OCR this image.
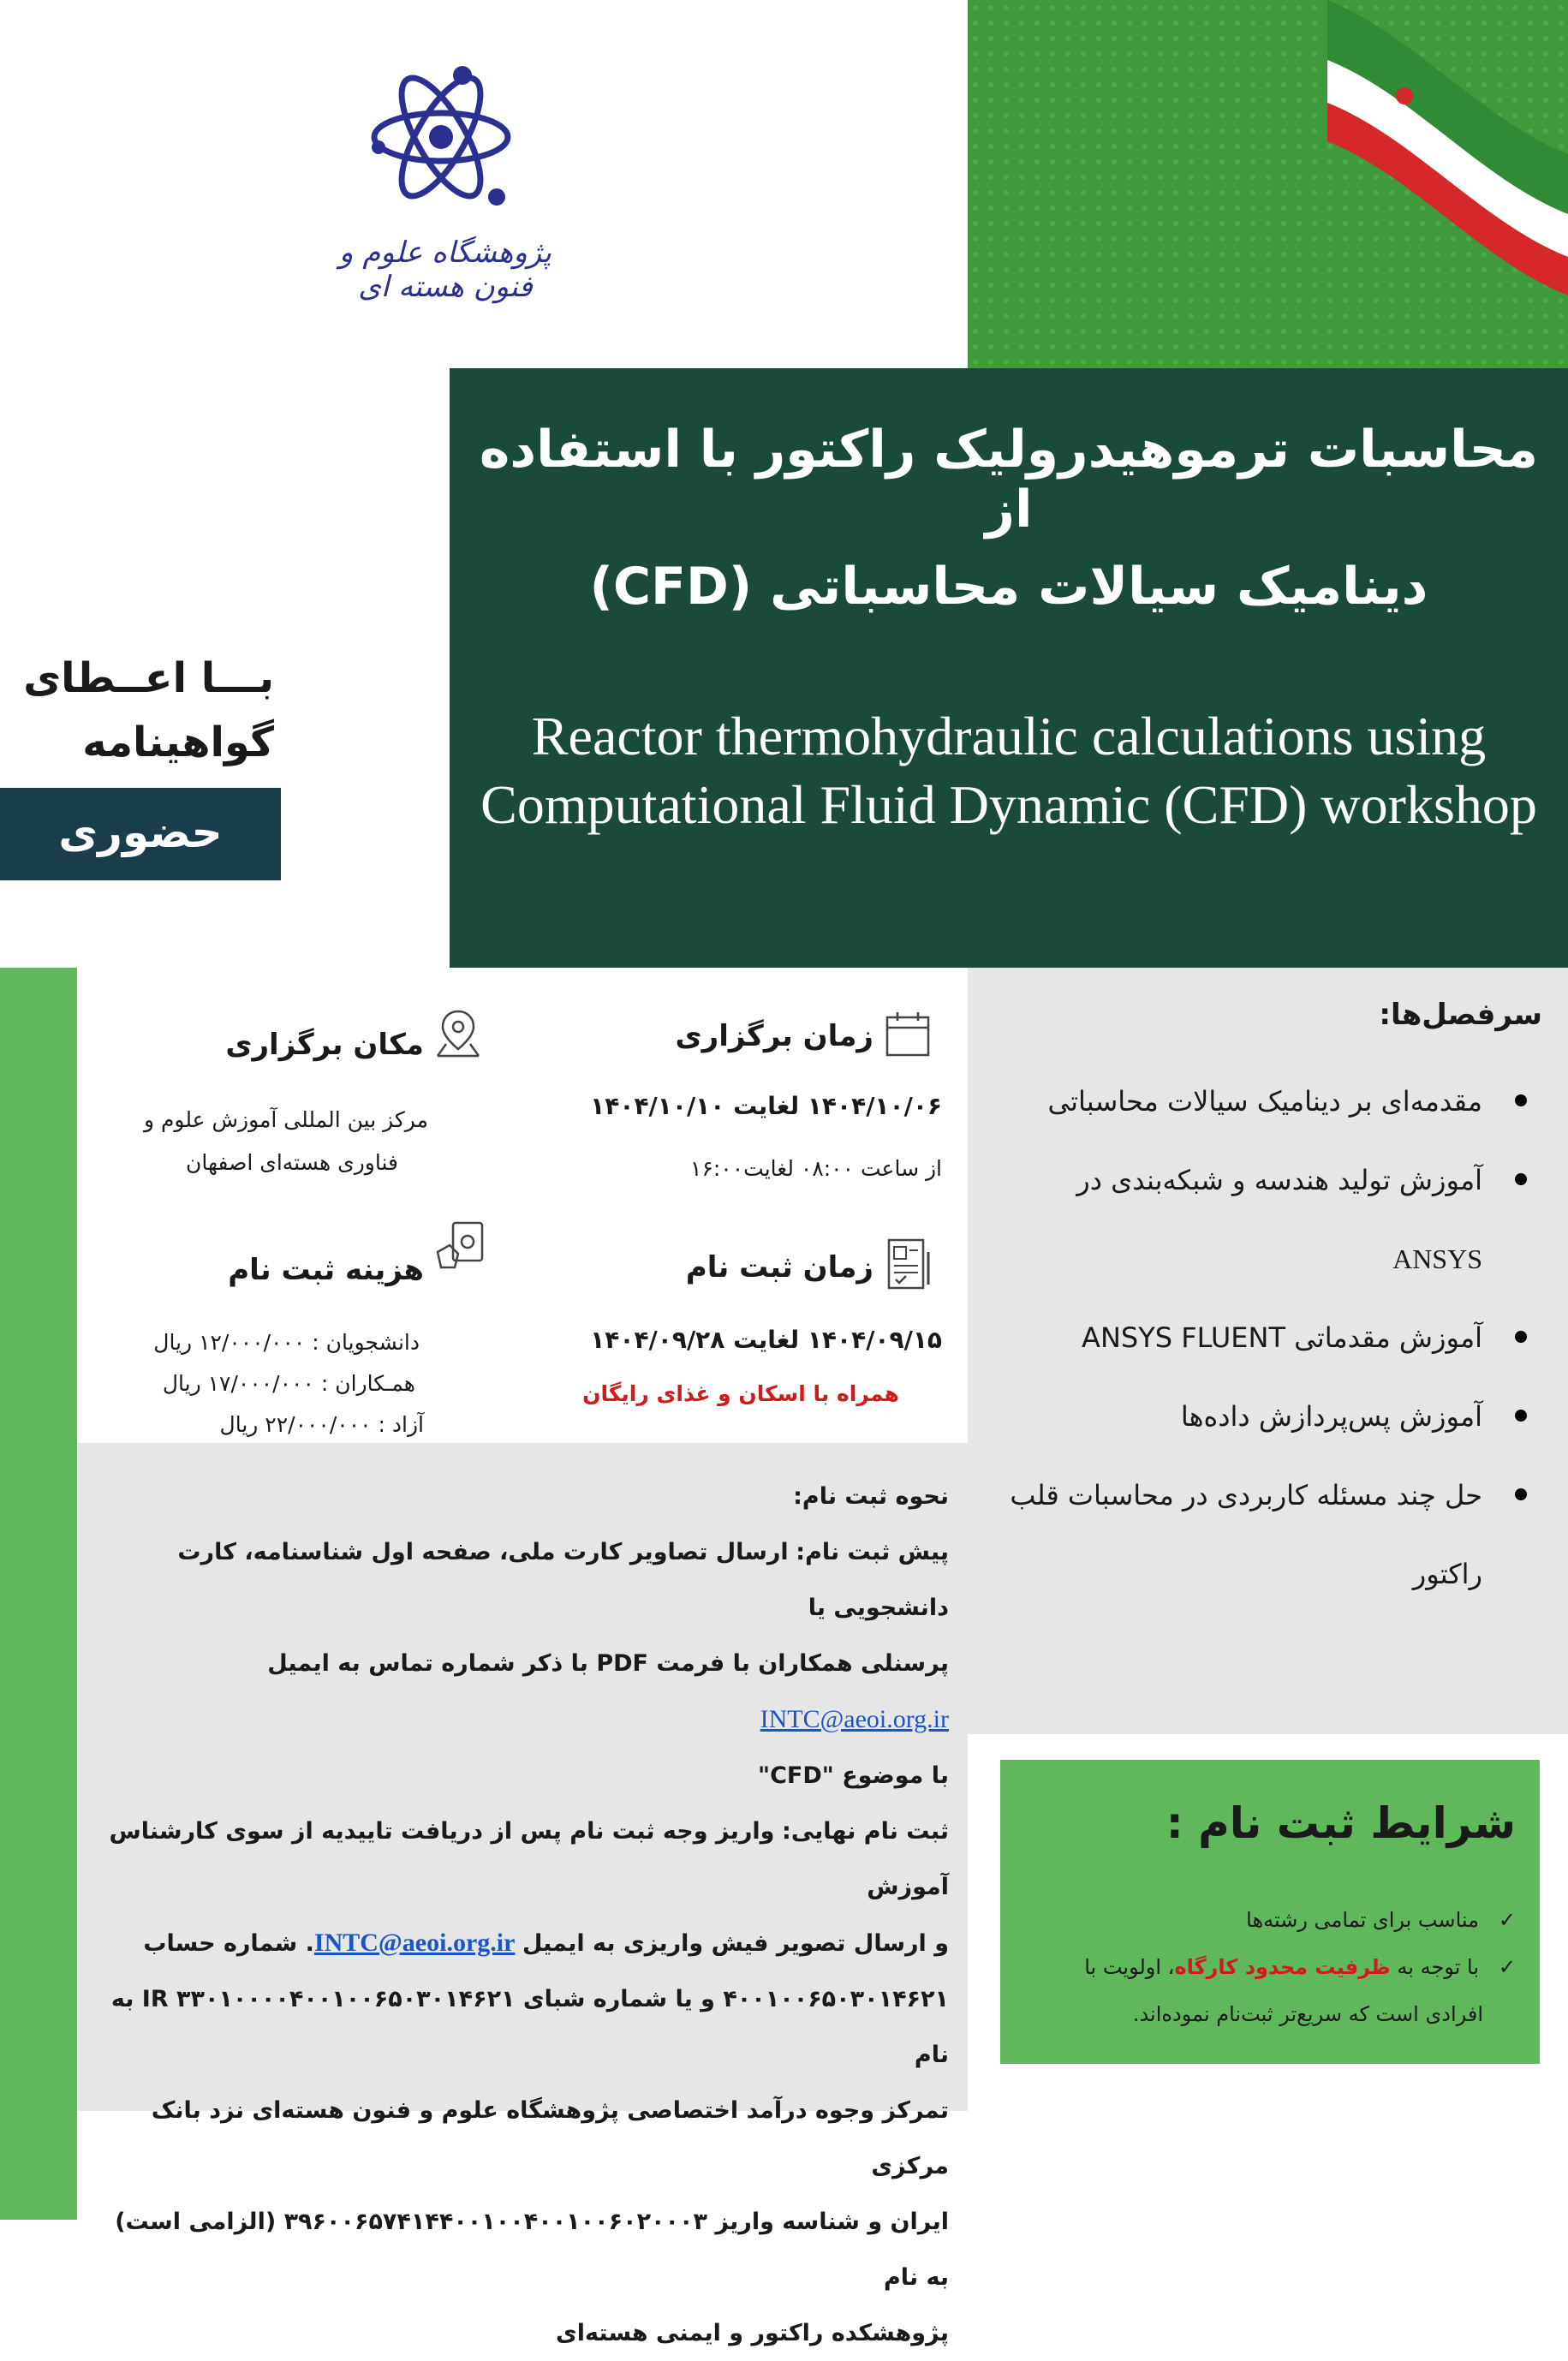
پژوهشگاه علوم و فنون هسته ای
محاسبات ترموهیدرولیک راکتور با استفاده از
دینامیک سیالات محاسباتی (CFD)
Reactor thermohydraulic calculations using
Computational Fluid Dynamic (CFD) workshop
بـــا اعــطای
گواهینامه
حضوری
زمان برگزاری
۱۴۰۴/۱۰/۰۶ لغایت ۱۴۰۴/۱۰/۱۰
از ساعت ۰۸:۰۰ لغایت۱۶:۰۰
مکان برگزاری
مرکز بین المللی آموزش علوم و
فناوری هسته‌ای اصفهان
زمان ثبت نام
۱۴۰۴/۰۹/۱۵ لغایت ۱۴۰۴/۰۹/۲۸
همراه با اسکان و غذای رایگان
هزینه ثبت نام
دانشجویان : ۱۲/۰۰۰/۰۰۰ ریال
همـکاران : ۱۷/۰۰۰/۰۰۰ ریال
آزاد : ۲۲/۰۰۰/۰۰۰ ریال
سرفصل‌ها:
مقدمه‌ای بر دینامیک سیالات محاسباتی
آموزش تولید هندسه و شبکه‌بندی در
ANSYS
آموزش مقدماتی ANSYS FLUENT
آموزش پس‌پردازش داده‌ها
حل چند مسئله کاربردی در محاسبات قلب
راکتور

نحوه ثبت نام:

پیش ثبت نام: ارسال تصاویر کارت ملی، صفحه اول شناسنامه، کارت دانشجویی یا

پرسنلی همکاران با فرمت PDF با ذکر شماره تماس به ایمیل INTC@aeoi.org.ir

با موضوع "CFD"

ثبت نام نهایی: واریز وجه ثبت نام پس از دریافت تاییدیه از سوی کارشناس آموزش

و ارسال تصویر فیش واریزی به ایمیل INTC@aeoi.org.ir. شماره حساب

۴۰۰۱۰۰۶۵۰۳۰۱۴۶۲۱ و یا شماره شبای IR ۳۳۰۱۰۰۰۰۴۰۰۱۰۰۶۵۰۳۰۱۴۶۲۱ به نام

تمرکز وجوه درآمد اختصاصی پژوهشگاه علوم و فنون هسته‌ای نزد بانک مرکزی

ایران و شناسه واریز ۳۹۶۰۰۶۵۷۴۱۴۴۰۰۱۰۰۴۰۰۱۰۰۶۰۲۰۰۰۳ (الزامی است) به نام

پژوهشکده راکتور و ایمنی هسته‌ای

شرایط ثبت نام :
✓   مناسب برای تمامی رشته‌ها
✓   با توجه به ظرفیت محدود کارگاه، اولویت با
افرادی است که سریع‌تر ثبت‌نام نموده‌اند.
